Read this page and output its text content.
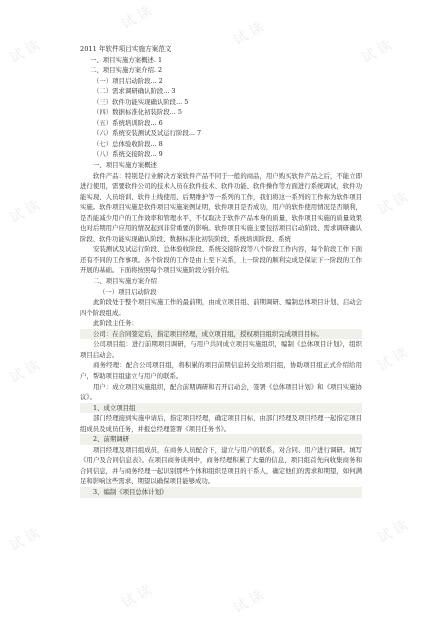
试读
试读
试读
试读
试读	试读
试读	试读
试读
试读	试读
试读

2011 年软件项目实施方案范文

一、项目实施方案概述. 1

二、项目实施方案介绍. 2

（一）项目启动阶段... 2

（二）需求调研确认阶段... 3

（三）软件功能实现确认阶段... 5

（四）数据标准化初装阶段... 5

（五）系统培训阶段... 6

（六）系统安装测试及试运行阶段... 7

（七）总体验收阶段... 8

（八）系统交接阶段... 9

一、项目实施方案概述

软件产品：特别是行业解决方案软件产品不同于一般的商品，用户购买软件产品之后，不能立即进行使用，需要软件公司的技术人员在软件技术、软件功能、软件操作等方面进行系统调试，软件功能实现、人员培训、软件上线使用、后期维护等一系列的工作，我们将这一系列的工作称为软件项目实施。软件项目实施是软件项目实施案例证明，软件项目是否成功，用户的软件使用情况是否顺利，是否能减少用户的工作效率和管理水平，不仅取决于软件产品本身的质量，软件项目实施的质量效果也对后期用户应用的情况起到非常重要的影响。软件项目实施主要包括项目启动阶段、需求调研确认阶段、软件功能实现确认阶段、数据标准化初装阶段、系统培训阶段、系统

安装测试及试运行阶段、总体验收阶段、系统交接阶段等八个阶段工作内容，每个阶段工作下面还有不同的工作事项。各个阶段的工作是由上至下关系，上一阶段的顺利完成是保证下一阶段的工作开展的基础。下面将按照每个项目实施阶段分别介绍。

二、项目实施方案介绍

（一）项目启动阶段

此阶段处于整个项目实施工作的最前期，由成立项目组、前期调研、编制总体项目计划、启动会四个阶段组成。

此阶段主任务：

公司：在合同签定后，指定项目经理，成立项目组，授权项目组织完成项目目标。

公司项目组：进行前期项目调研，与用户共同成立项目实施组织，编制《总体项目计划》，组织项目启动会。

商务经理：配合公司项目组，将积累的项目前期信息转交给项目组，协助项目组正式介绍给用户，帮助项目组建立与用户的联系。

用户：成立项目实施组织，配合前期调研和召开启动会，签署《总体项目计划》和《项目实施协议》。

1、成立项目组

部门经理接到实施申请后，指定项目经理，确定项目目标，由部门经理及项目经理一起指定项目组成员及成员任务，并报总经理签署《项目任务书》。

2、前期调研

项目经理及项目组成员，在商务人员配合下，建立与用户的联系，对合同、用户进行调研。填写《用户及合同信息表》。在项目商务谈判中，商务经理积累了大量的信息，项目组首先向收集商务和合同信息，并与商务经理一起识别那些个体和组织是项目的干系人，确定他们的需求和期望，如何满足和影响这些需求、期望以确保项目能够成功。

3、编制《项目总体计划》
